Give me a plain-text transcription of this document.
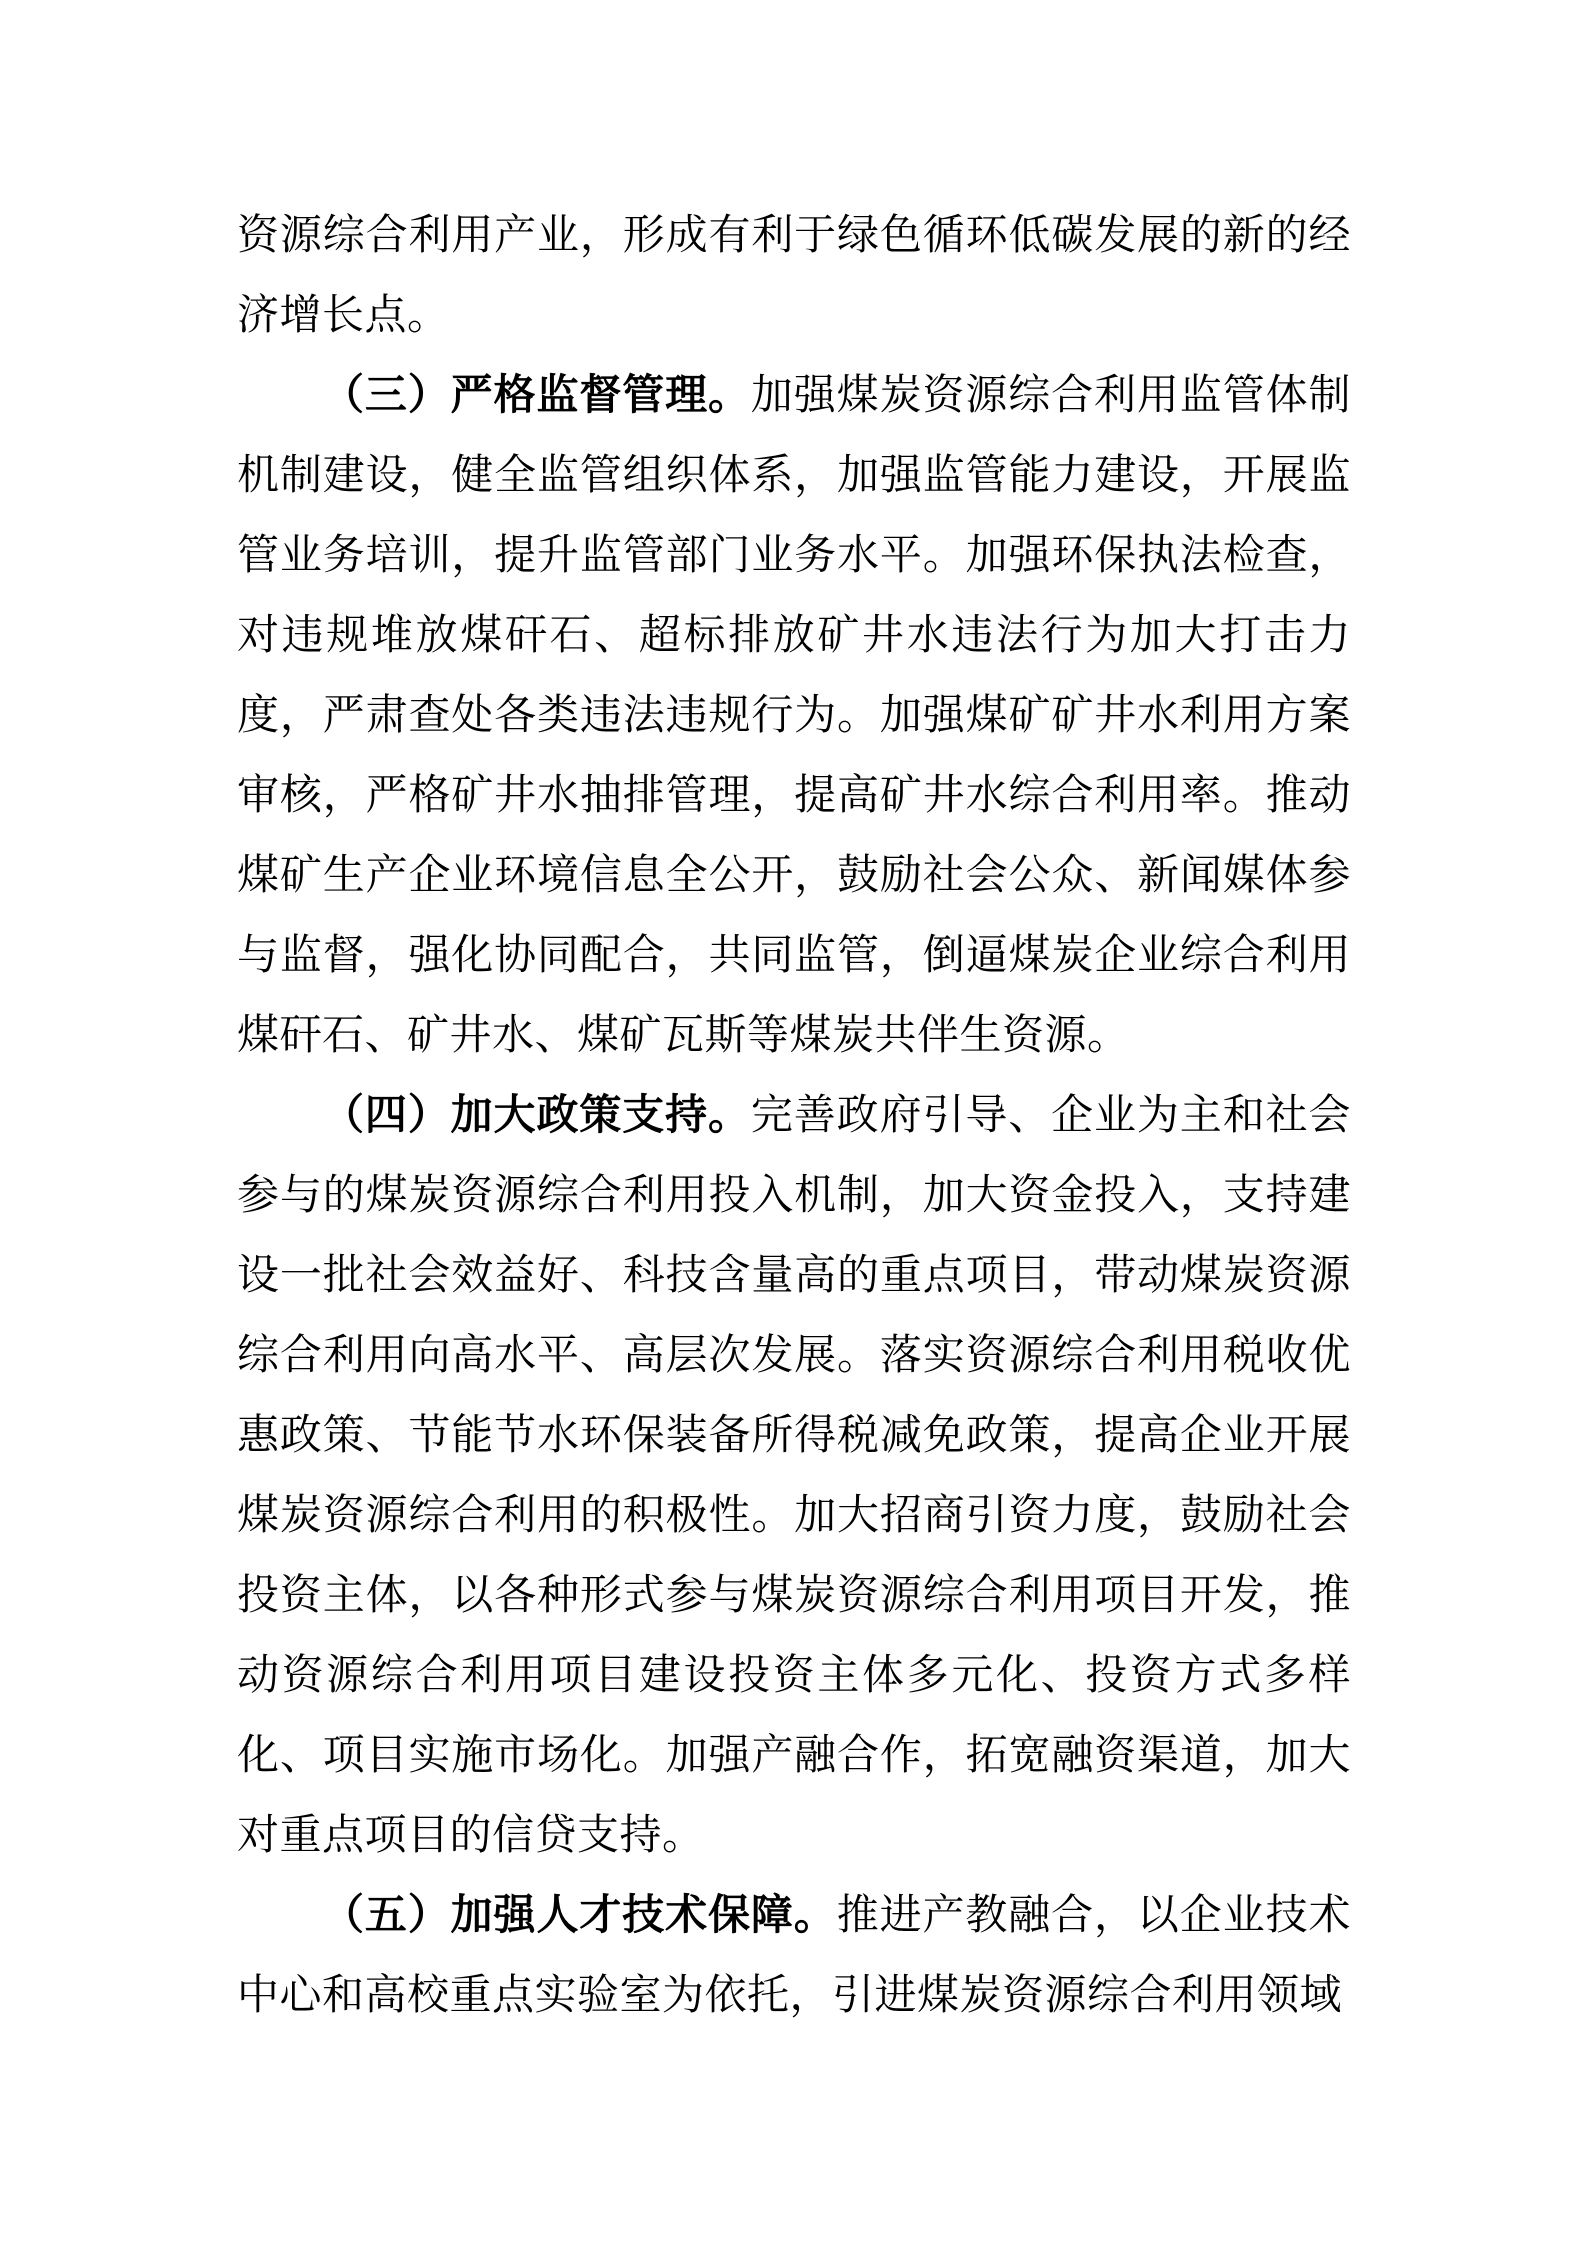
资源综合利用产业，形成有利于绿色循环低碳发展的新的经济增长点。

（三）严格监督管理。加强煤炭资源综合利用监管体制机制建设，健全监管组织体系，加强监管能力建设，开展监管业务培训，提升监管部门业务水平。加强环保执法检查，对违规堆放煤矸石、超标排放矿井水违法行为加大打击力度，严肃查处各类违法违规行为。加强煤矿矿井水利用方案审核，严格矿井水抽排管理，提高矿井水综合利用率。推动煤矿生产企业环境信息全公开，鼓励社会公众、新闻媒体参与监督，强化协同配合，共同监管，倒逼煤炭企业综合利用煤矸石、矿井水、煤矿瓦斯等煤炭共伴生资源。

（四）加大政策支持。完善政府引导、企业为主和社会参与的煤炭资源综合利用投入机制，加大资金投入，支持建设一批社会效益好、科技含量高的重点项目，带动煤炭资源综合利用向高水平、高层次发展。落实资源综合利用税收优惠政策、节能节水环保装备所得税减免政策，提高企业开展煤炭资源综合利用的积极性。加大招商引资力度，鼓励社会投资主体，以各种形式参与煤炭资源综合利用项目开发，推动资源综合利用项目建设投资主体多元化、投资方式多样化、项目实施市场化。加强产融合作，拓宽融资渠道，加大对重点项目的信贷支持。

（五）加强人才技术保障。推进产教融合，以企业技术中心和高校重点实验室为依托，引进煤炭资源综合利用领域
